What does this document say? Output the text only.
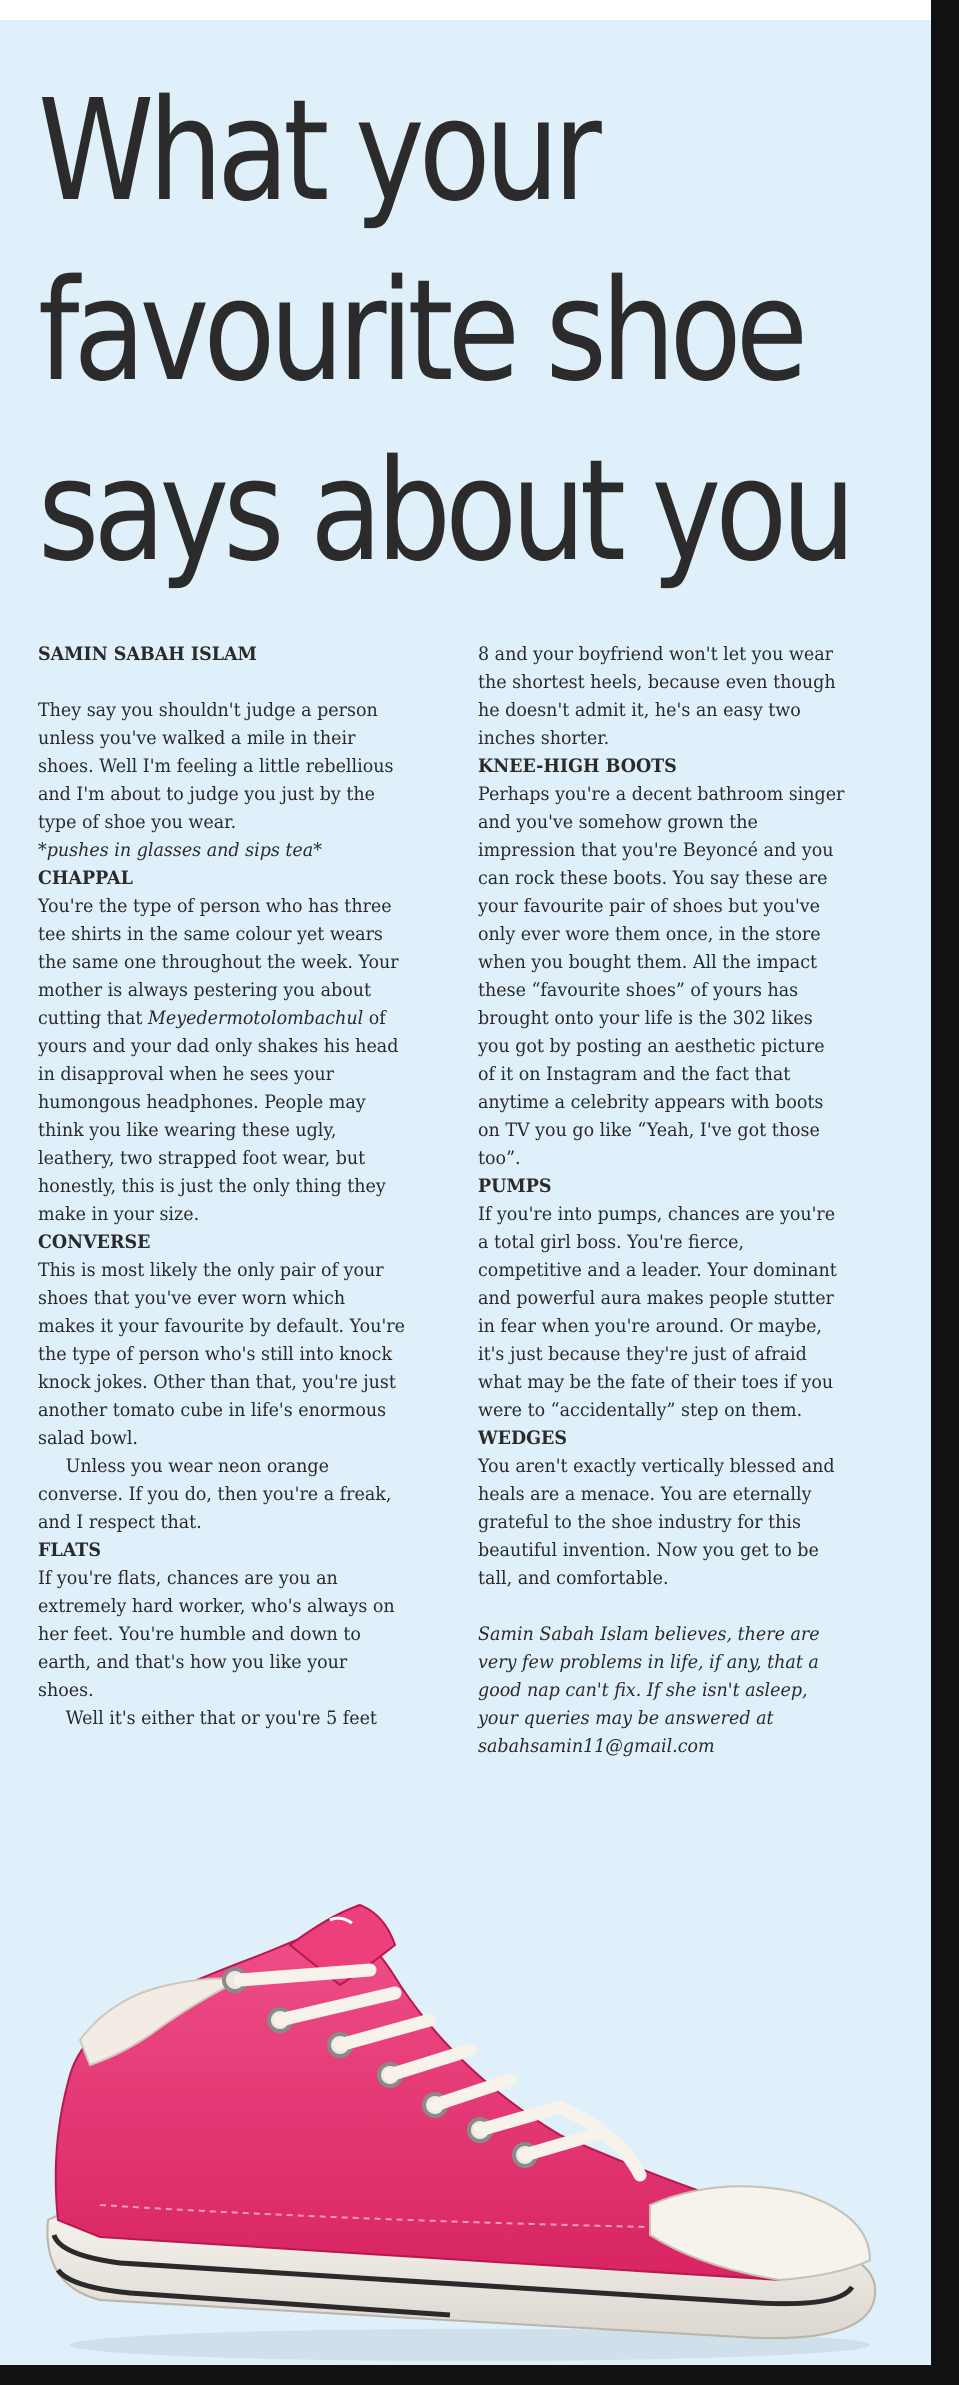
What your
favourite shoe
says about you

SAMIN SABAH ISLAM

They say you shouldn't judge a person unless you've walked a mile in their shoes. Well I'm feeling a little rebellious and I'm about to judge you just by the type of shoe you wear.

*pushes in glasses and sips tea*

CHAPPAL

You're the type of person who has three tee shirts in the same colour yet wears the same one throughout the week. Your mother is always pestering you about cutting that Meyedermotolombachul of yours and your dad only shakes his head in disapproval when he sees your humongous headphones. People may think you like wearing these ugly, leathery, two strapped foot wear, but honestly, this is just the only thing they make in your size.

CONVERSE

This is most likely the only pair of your shoes that you've ever worn which makes it your favourite by default. You're the type of person who's still into knock knock jokes. Other than that, you're just another tomato cube in life's enormous salad bowl.

Unless you wear neon orange converse. If you do, then you're a freak, and I respect that.

FLATS

If you're flats, chances are you an extremely hard worker, who's always on her feet. You're humble and down to earth, and that's how you like your shoes.

Well it's either that or you're 5 feet

8 and your boyfriend won't let you wear the shortest heels, because even though he doesn't admit it, he's an easy two inches shorter.

KNEE-HIGH BOOTS

Perhaps you're a decent bathroom singer and you've somehow grown the impression that you're Beyoncé and you can rock these boots. You say these are your favourite pair of shoes but you've only ever wore them once, in the store when you bought them. All the impact these “favourite shoes” of yours has brought onto your life is the 302 likes you got by posting an aesthetic picture of it on Instagram and the fact that anytime a celebrity appears with boots on TV you go like “Yeah, I've got those too”.

PUMPS

If you're into pumps, chances are you're a total girl boss. You're fierce, competitive and a leader. Your dominant and powerful aura makes people stutter in fear when you're around. Or maybe, it's just because they're just of afraid what may be the fate of their toes if you were to “accidentally” step on them.

WEDGES

You aren't exactly vertically blessed and heals are a menace. You are eternally grateful to the shoe industry for this beautiful invention. Now you get to be tall, and comfortable.

Samin Sabah Islam believes, there are very few problems in life, if any, that a good nap can't fix. If she isn't asleep, your queries may be answered at sabahsamin11@gmail.com
